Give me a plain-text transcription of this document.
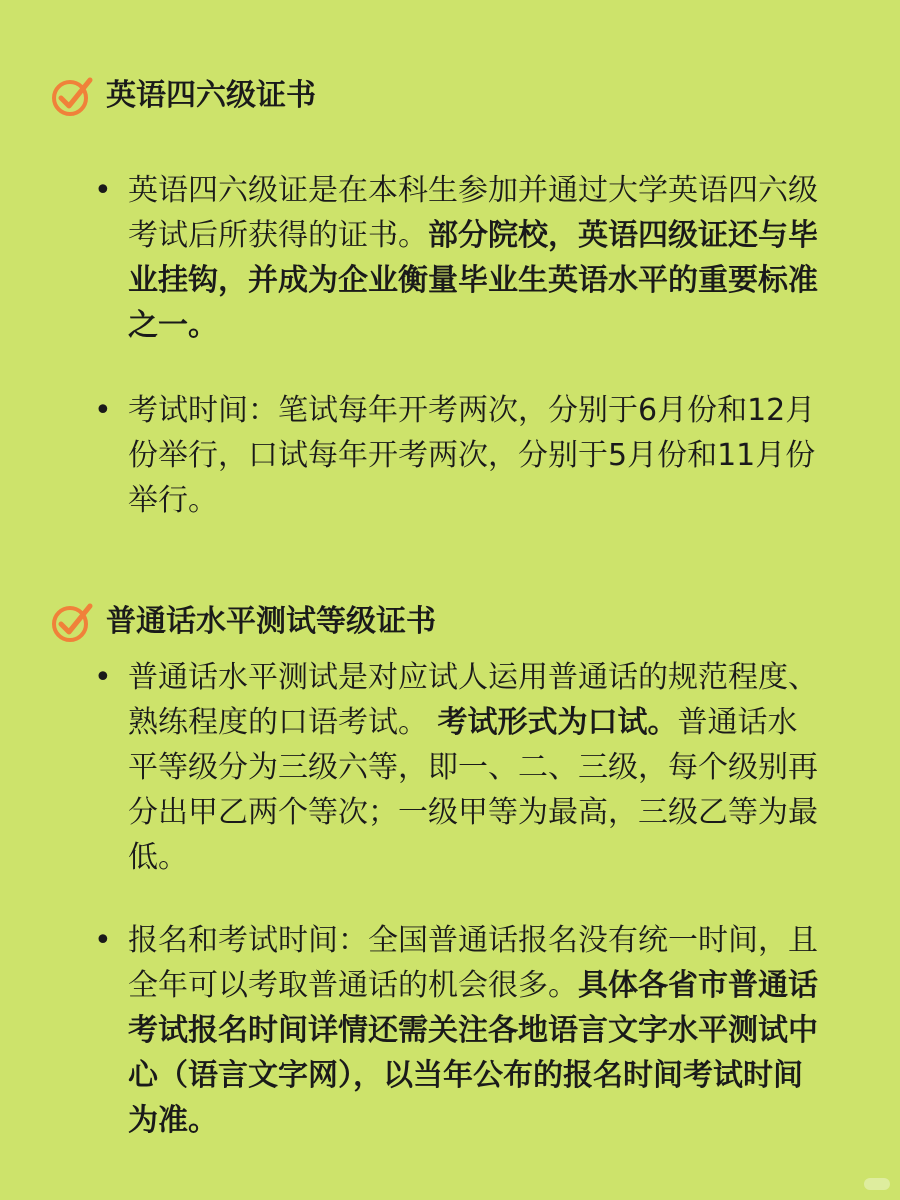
英语四六级证书
• 英语四六级证是在本科生参加并通过大学英语四六级考试后所获得的证书。部分院校，英语四级证还与毕业挂钩，并成为企业衡量毕业生英语水平的重要标准之一。
• 考试时间：笔试每年开考两次，分别于6月份和12月份举行，口试每年开考两次，分别于5月份和11月份举行。
普通话水平测试等级证书
• 普通话水平测试是对应试人运用普通话的规范程度、熟练程度的口语考试。 考试形式为口试。普通话水平等级分为三级六等，即一、二、三级，每个级别再分出甲乙两个等次；一级甲等为最高，三级乙等为最低。
• 报名和考试时间：全国普通话报名没有统一时间，且全年可以考取普通话的机会很多。具体各省市普通话考试报名时间详情还需关注各地语言文字水平测试中心（语言文字网），以当年公布的报名时间考试时间为准。
